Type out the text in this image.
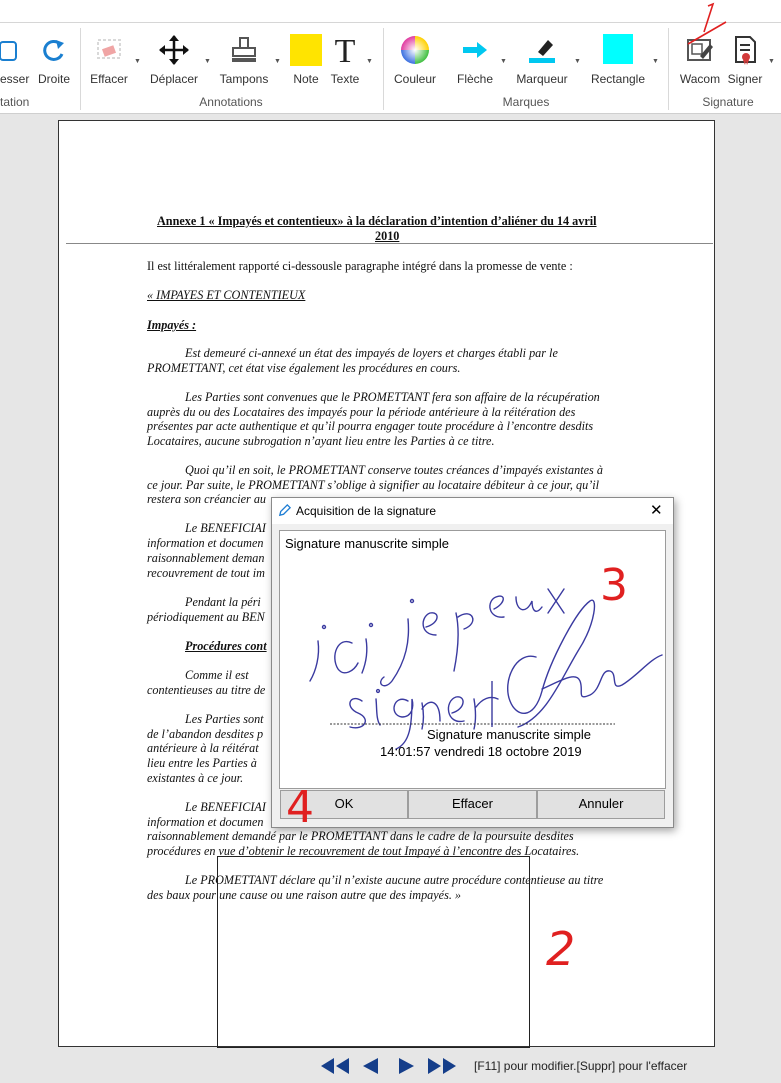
esser Droite
tation
Effacer
▼
Déplacer
▼
Tampons
▼
Note
T
Texte
▼
Annotations
Couleur	Flèche
▼
Marqueur
▼
Rectangle
▼
Marques
Wacom Signer
▼
Signature
1
Annexe 1 « Impayés et contentieux» à la déclaration d’intention d’aliéner du 14 avril
2010
Il est littéralement rapporté ci-dessousle paragraphe intégré dans la promesse de vente :
« IMPAYES ET CONTENTIEUX
Impayés :
Est demeuré ci-annexé un état des impayés de loyers et charges établi par le
PROMETTANT, cet état vise également les procédures en cours.
Les Parties sont convenues que le PROMETTANT fera son affaire de la récupération
auprès du ou des Locataires des impayés pour la période antérieure à la réitération des
présentes par acte authentique et qu’il pourra engager toute procédure à l’encontre desdits
Locataires, aucune subrogation n’ayant lieu entre les Parties à ce titre.
Quoi qu’il en soit, le PROMETTANT conserve toutes créances d’impayés existantes à
ce jour. Par suite, le PROMETTANT s’oblige à signifier au locataire débiteur à ce jour, qu’il
restera son créancier au
Le BENEFICIAI
information et documen
raisonnablement deman
recouvrement de tout im
Pendant la péri
périodiquement au BEN
Procédures cont
Comme il est
contentieuses au titre de
Les Parties sont
de l’abandon desdites p
antérieure à la réitérat
lieu entre les Parties à
existantes à ce jour.
Le BENEFICIAI
information et documen
raisonnablement demandé par le PROMETTANT dans le cadre de la poursuite desdites
procédures en vue d’obtenir le recouvrement de tout Impayé à l’encontre des Locataires.
Le PROMETTANT déclare qu’il n’existe aucune autre procédure contentieuse au titre
des baux pour une cause ou une raison autre que des impayés. »
2
Acquisition de la signature	✕
Signature manuscrite simple
Signature manuscrite simple
14:01:57 vendredi 18 octobre 2019
OK	Effacer	Annuler
3
4
[F11] pour modifier.[Suppr] pour l'effacer
